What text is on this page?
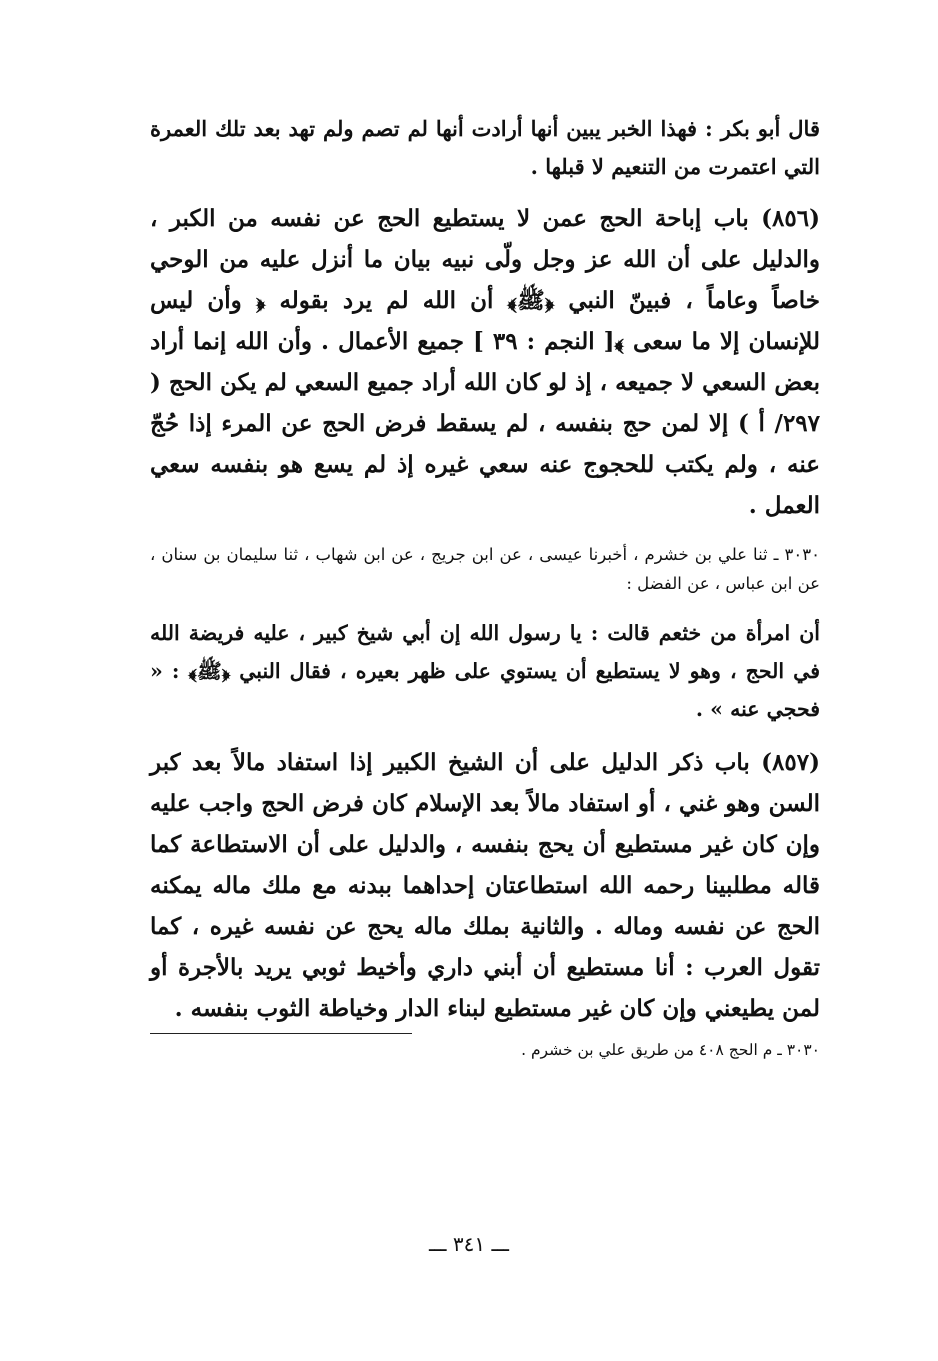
قال أبو بكر : فهذا الخبر يبين أنها أرادت أنها لم تصم ولم تهد بعد تلك العمرة التي اعتمرت من التنعيم لا قبلها .

(٨٥٦) باب إباحة الحج عمن لا يستطيع الحج عن نفسه من الكبر ، والدليل على أن الله عز وجل ولّى نبيه بيان ما أنزل عليه من الوحي خاصاً وعاماً ، فبينّ النبي ﴿ﷺ﴾ أن الله لم يرد بقوله ﴿ وأن ليس للإنسان إلا ما سعى ﴾[ النجم : ٣٩ ] جميع الأعمال . وأن الله إنما أراد بعض السعي لا جميعه ، إذ لو كان الله أراد جميع السعي لم يكن الحج ( ٢٩٧/ أ ) إلا لمن حج بنفسه ، لم يسقط فرض الحج عن المرء إذا حُجّ عنه ، ولم يكتب للحجوج عنه سعي غيره إذ لم يسع هو بنفسه سعي العمل .

٣٠٣٠ ـ ثنا علي بن خشرم ، أخبرنا عيسى ، عن ابن جريج ، عن ابن شهاب ، ثنا سليمان بن سنان ، عن ابن عباس ، عن الفضل :

أن امرأة من خثعم قالت : يا رسول الله إن أبي شيخ كبير ، عليه فريضة الله في الحج ، وهو لا يستطيع أن يستوي على ظهر بعيره ، فقال النبي ﴿ﷺ﴾ : « فحجي عنه » .

(٨٥٧) باب ذكر الدليل على أن الشيخ الكبير إذا استفاد مالاً بعد كبر السن وهو غني ، أو استفاد مالاً بعد الإسلام كان فرض الحج واجب عليه وإن كان غير مستطيع أن يحج بنفسه ، والدليل على أن الاستطاعة كما قاله مطلبينا رحمه الله استطاعتان إحداهما ببدنه مع ملك ماله يمكنه الحج عن نفسه وماله . والثانية بملك ماله يحج عن نفسه غيره ، كما تقول العرب : أنا مستطيع أن أبني داري وأخيط ثوبي يريد بالأجرة أو لمن يطيعني وإن كان غير مستطيع لبناء الدار وخياطة الثوب بنفسه .

٣٠٣٠ ـ م الحج ٤٠٨ من طريق علي بن خشرم .

ـــ ٣٤١ ـــ
